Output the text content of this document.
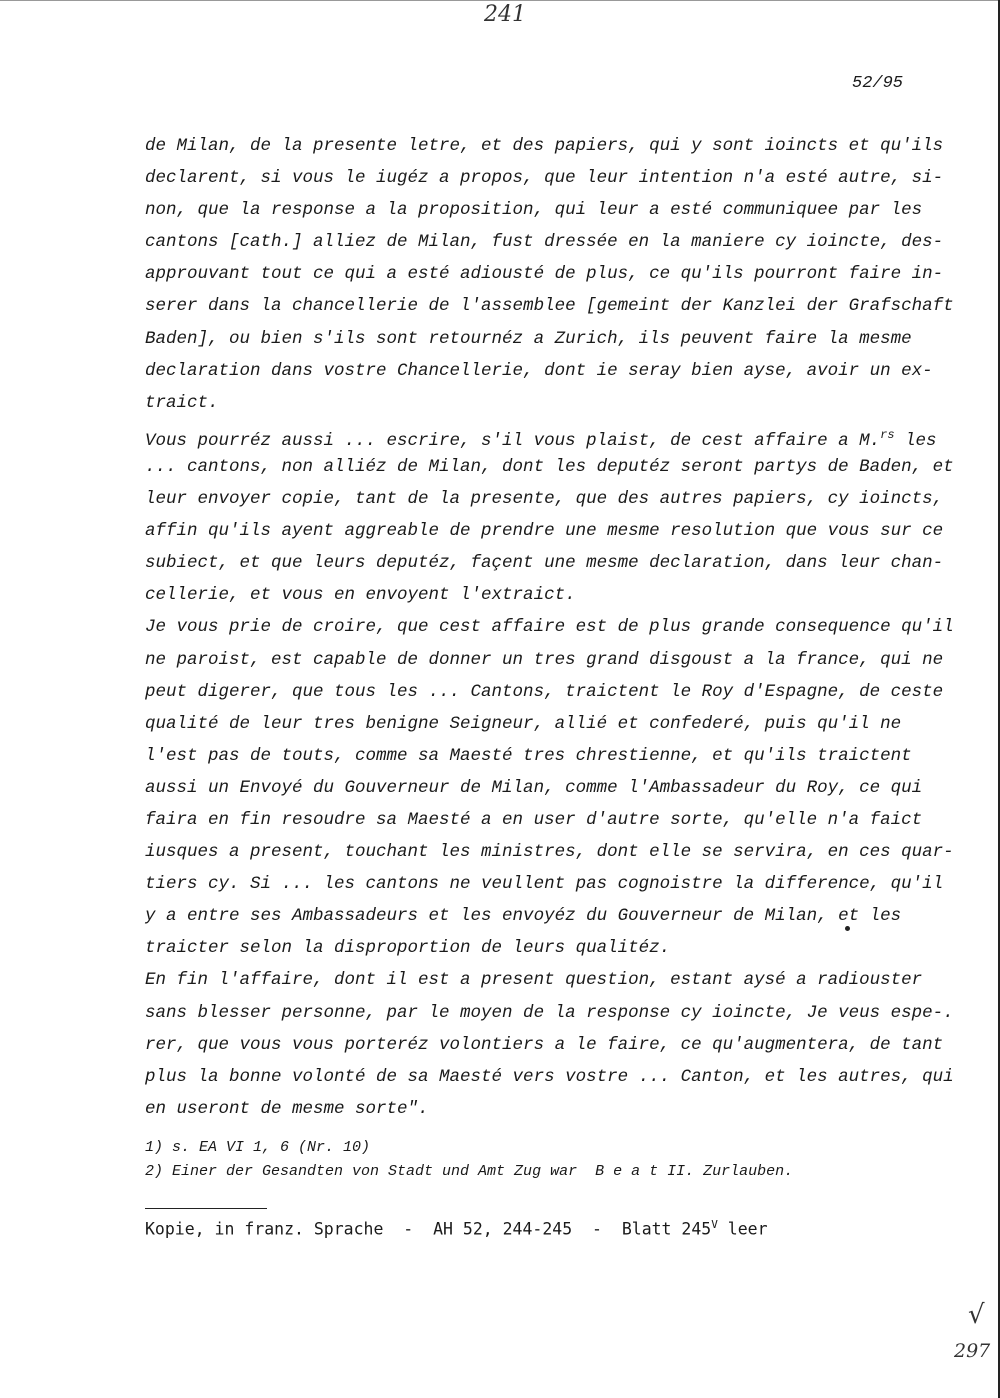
241
52/95
de Milan, de la presente letre, et des papiers, qui y sont ioincts et qu'ils
declarent, si vous le iugéz a propos, que leur intention n'a esté autre, si-
non, que la response a la proposition, qui leur a esté communiquee par les
cantons [cath.] alliez de Milan, fust dressée en la maniere cy ioincte, des-
approuvant tout ce qui a esté adiousté de plus, ce qu'ils pourront faire in-
serer dans la chancellerie de l'assemblee [gemeint der Kanzlei der Grafschaft
Baden], ou bien s'ils sont retournéz a Zurich, ils peuvent faire la mesme
declaration dans vostre Chancellerie, dont ie seray bien ayse, avoir un ex-
traict.
Vous pourréz aussi ... escrire, s'il vous plaist, de cest affaire a M.$^{rs}$ les
... cantons, non alliéz de Milan, dont les deputéz seront partys de Baden, et
leur envoyer copie, tant de la presente, que des autres papiers, cy ioincts,
affin qu'ils ayent aggreable de prendre une mesme resolution que vous sur ce
subiect, et que leurs deputéz, façent une mesme declaration, dans leur chan-
cellerie, et vous en envoyent l'extraict.
Je vous prie de croire, que cest affaire est de plus grande consequence qu'il
ne paroist, est capable de donner un tres grand disgoust a la france, qui ne
peut digerer, que tous les ... Cantons, traictent le Roy d'Espagne, de ceste
qualité de leur tres benigne Seigneur, allié et confederé, puis qu'il ne
l'est pas de touts, comme sa Maesté tres chrestienne, et qu'ils traictent
aussi un Envoyé du Gouverneur de Milan, comme l'Ambassadeur du Roy, ce qui
faira en fin resoudre sa Maesté a en user d'autre sorte, qu'elle n'a faict
iusques a present, touchant les ministres, dont elle se servira, en ces quar-
tiers cy. Si ... les cantons ne veullent pas cognoistre la difference, qu'il
y a entre ses Ambassadeurs et les envoyéz du Gouverneur de Milan, et les
traicter selon la disproportion de leurs qualitéz.
En fin l'affaire, dont il est a present question, estant aysé a radiouster
sans blesser personne, par le moyen de la response cy ioincte, Je veus espe-.
rer, que vous vous porteréz volontiers a le faire, ce qu'augmentera, de tant
plus la bonne volonté de sa Maesté vers vostre ... Canton, et les autres, qui
en useront de mesme sorte".
1) s. EA VI 1, 6 (Nr. 10)
2) Einer der Gesandten von Stadt und Amt Zug war  B e a t II. Zurlauben.
Kopie, in franz. Sprache  -  AH 52, 244-245  -  Blatt $245^V$ leer
√
297
